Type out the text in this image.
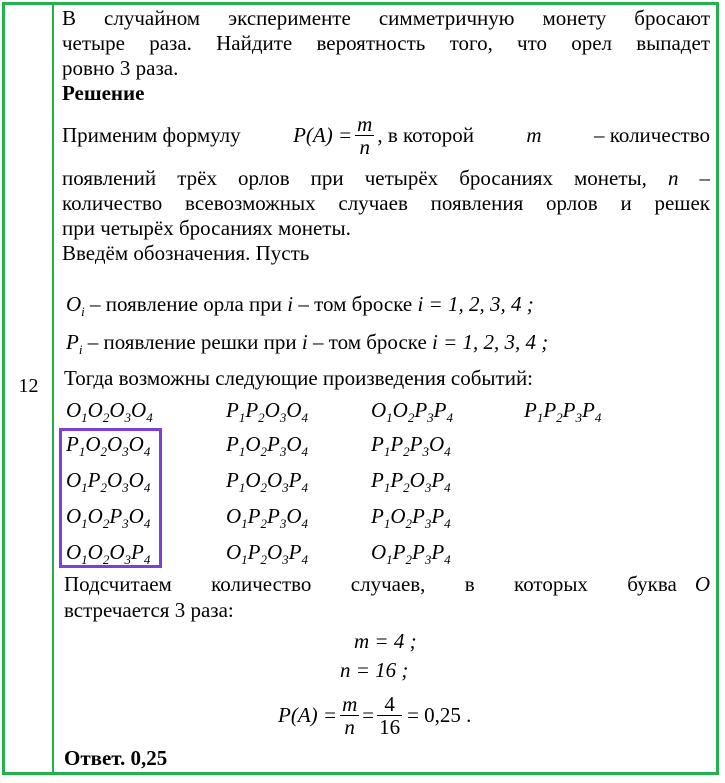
12

В случайном эксперименте симметричную монету бросают

четыре раза. Найдите вероятность того, что орел выпадет

ровно 3 раза.

Решение

Применим формулу $P(A) = \frac{m}{n}$ , в которой m – количество
появлений трёх орлов при четырёх бросаниях монеты, n –

количество всевозможных случаев появления орлов и решек

при четырёх бросаниях монеты.

Введём обозначения. Пусть

$O_i$ – появление орла при i – том броске i = 1, 2, 3, 4 ;
$P_i$ – появление решки при i – том броске i = 1, 2, 3, 4 ;
Тогда возможны следующие произведения событий:
$O_1O_2O_3O_4$	$P_1P_2O_3O_4$	$O_1O_2P_3P_4$	$P_1P_2P_3P_4$
$P_1O_2O_3O_4$	$P_1O_2P_3O_4$	$P_1P_2P_3O_4$
$O_1P_2O_3O_4$	$P_1O_2O_3P_4$	$P_1P_2O_3P_4$
$O_1O_2P_3O_4$	$O_1P_2P_3O_4$	$P_1O_2P_3P_4$
$O_1O_2O_3P_4$	$O_1P_2O_3P_4$	$O_1P_2P_3P_4$
Подсчитаем количество случаев, в которых буква O
встречается 3 раза:
m = 4 ;
n = 16 ;
$P(A) = \frac{m}{n} = \frac{4}{16} = 0,25$ .
Ответ. 0,25
